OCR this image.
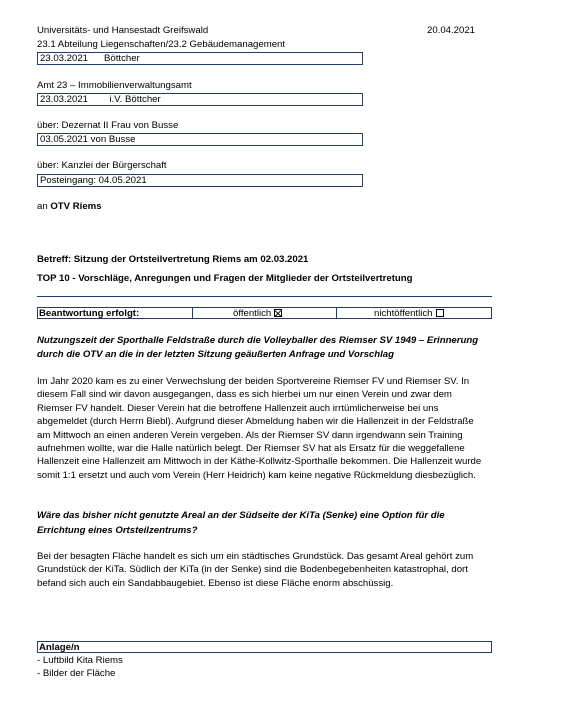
Universitäts- und Hansestadt Greifswald	20.04.2021
23.1 Abteilung Liegenschaften/23.2 Gebäudemanagement
23.03.2021      Böttcher
Amt 23 – Immobilienverwaltungsamt
23.03.2021        i.V. Böttcher
über: Dezernat II Frau von Busse
03.05.2021 von Busse
über: Kanzlei der Bürgerschaft
Posteingang: 04.05.2021
an OTV Riems
Betreff: Sitzung der Ortsteilvertretung Riems am 02.03.2021
TOP 10 - Vorschläge, Anregungen und Fragen der Mitglieder der Ortsteilvertretung
Beantwortung erfolgt:	öffentlich	nichtöffentlich
Nutzungszeit der Sporthalle Feldstraße durch die Volleyballer des Riemser SV 1949 – Erinnerung
durch die OTV an die in der letzten Sitzung geäußerten Anfrage und Vorschlag
Im Jahr 2020 kam es zu einer Verwechslung der beiden Sportvereine Riemser FV und Riemser SV. In diesem Fall sind wir davon ausgegangen, dass es sich hierbei um nur einen Verein und zwar dem Riemser FV handelt. Dieser Verein hat die betroffene Hallenzeit auch irrtümlicherweise bei uns abgemeldet (durch Herrn Biebl). Aufgrund dieser Abmeldung haben wir die Hallenzeit in der Feldstraße am Mittwoch an einen anderen Verein vergeben. Als der Riemser SV dann irgendwann sein Training aufnehmen wollte, war die Halle natürlich belegt. Der Riemser SV hat als Ersatz für die weggefallene Hallenzeit eine Hallenzeit am Mittwoch in der Käthe-Kollwitz-Sporthalle bekommen. Die Hallenzeit wurde somit 1:1 ersetzt und auch vom Verein (Herr Heidrich) kam keine negative Rückmeldung diesbezüglich.
Wäre das bisher nicht genutzte Areal an der Südseite der KiTa (Senke) eine Option für die
Errichtung eines Ortsteilzentrums?
Bei der besagten Fläche handelt es sich um ein städtisches Grundstück. Das gesamt Areal gehört zum Grundstück der KiTa. Südlich der KiTa (in der Senke) sind die Bodenbegebenheiten katastrophal, dort befand sich auch ein Sandabbaugebiet. Ebenso ist diese Fläche enorm abschüssig.
Anlage/n
- Luftbild Kita Riems
- Bilder der Fläche
